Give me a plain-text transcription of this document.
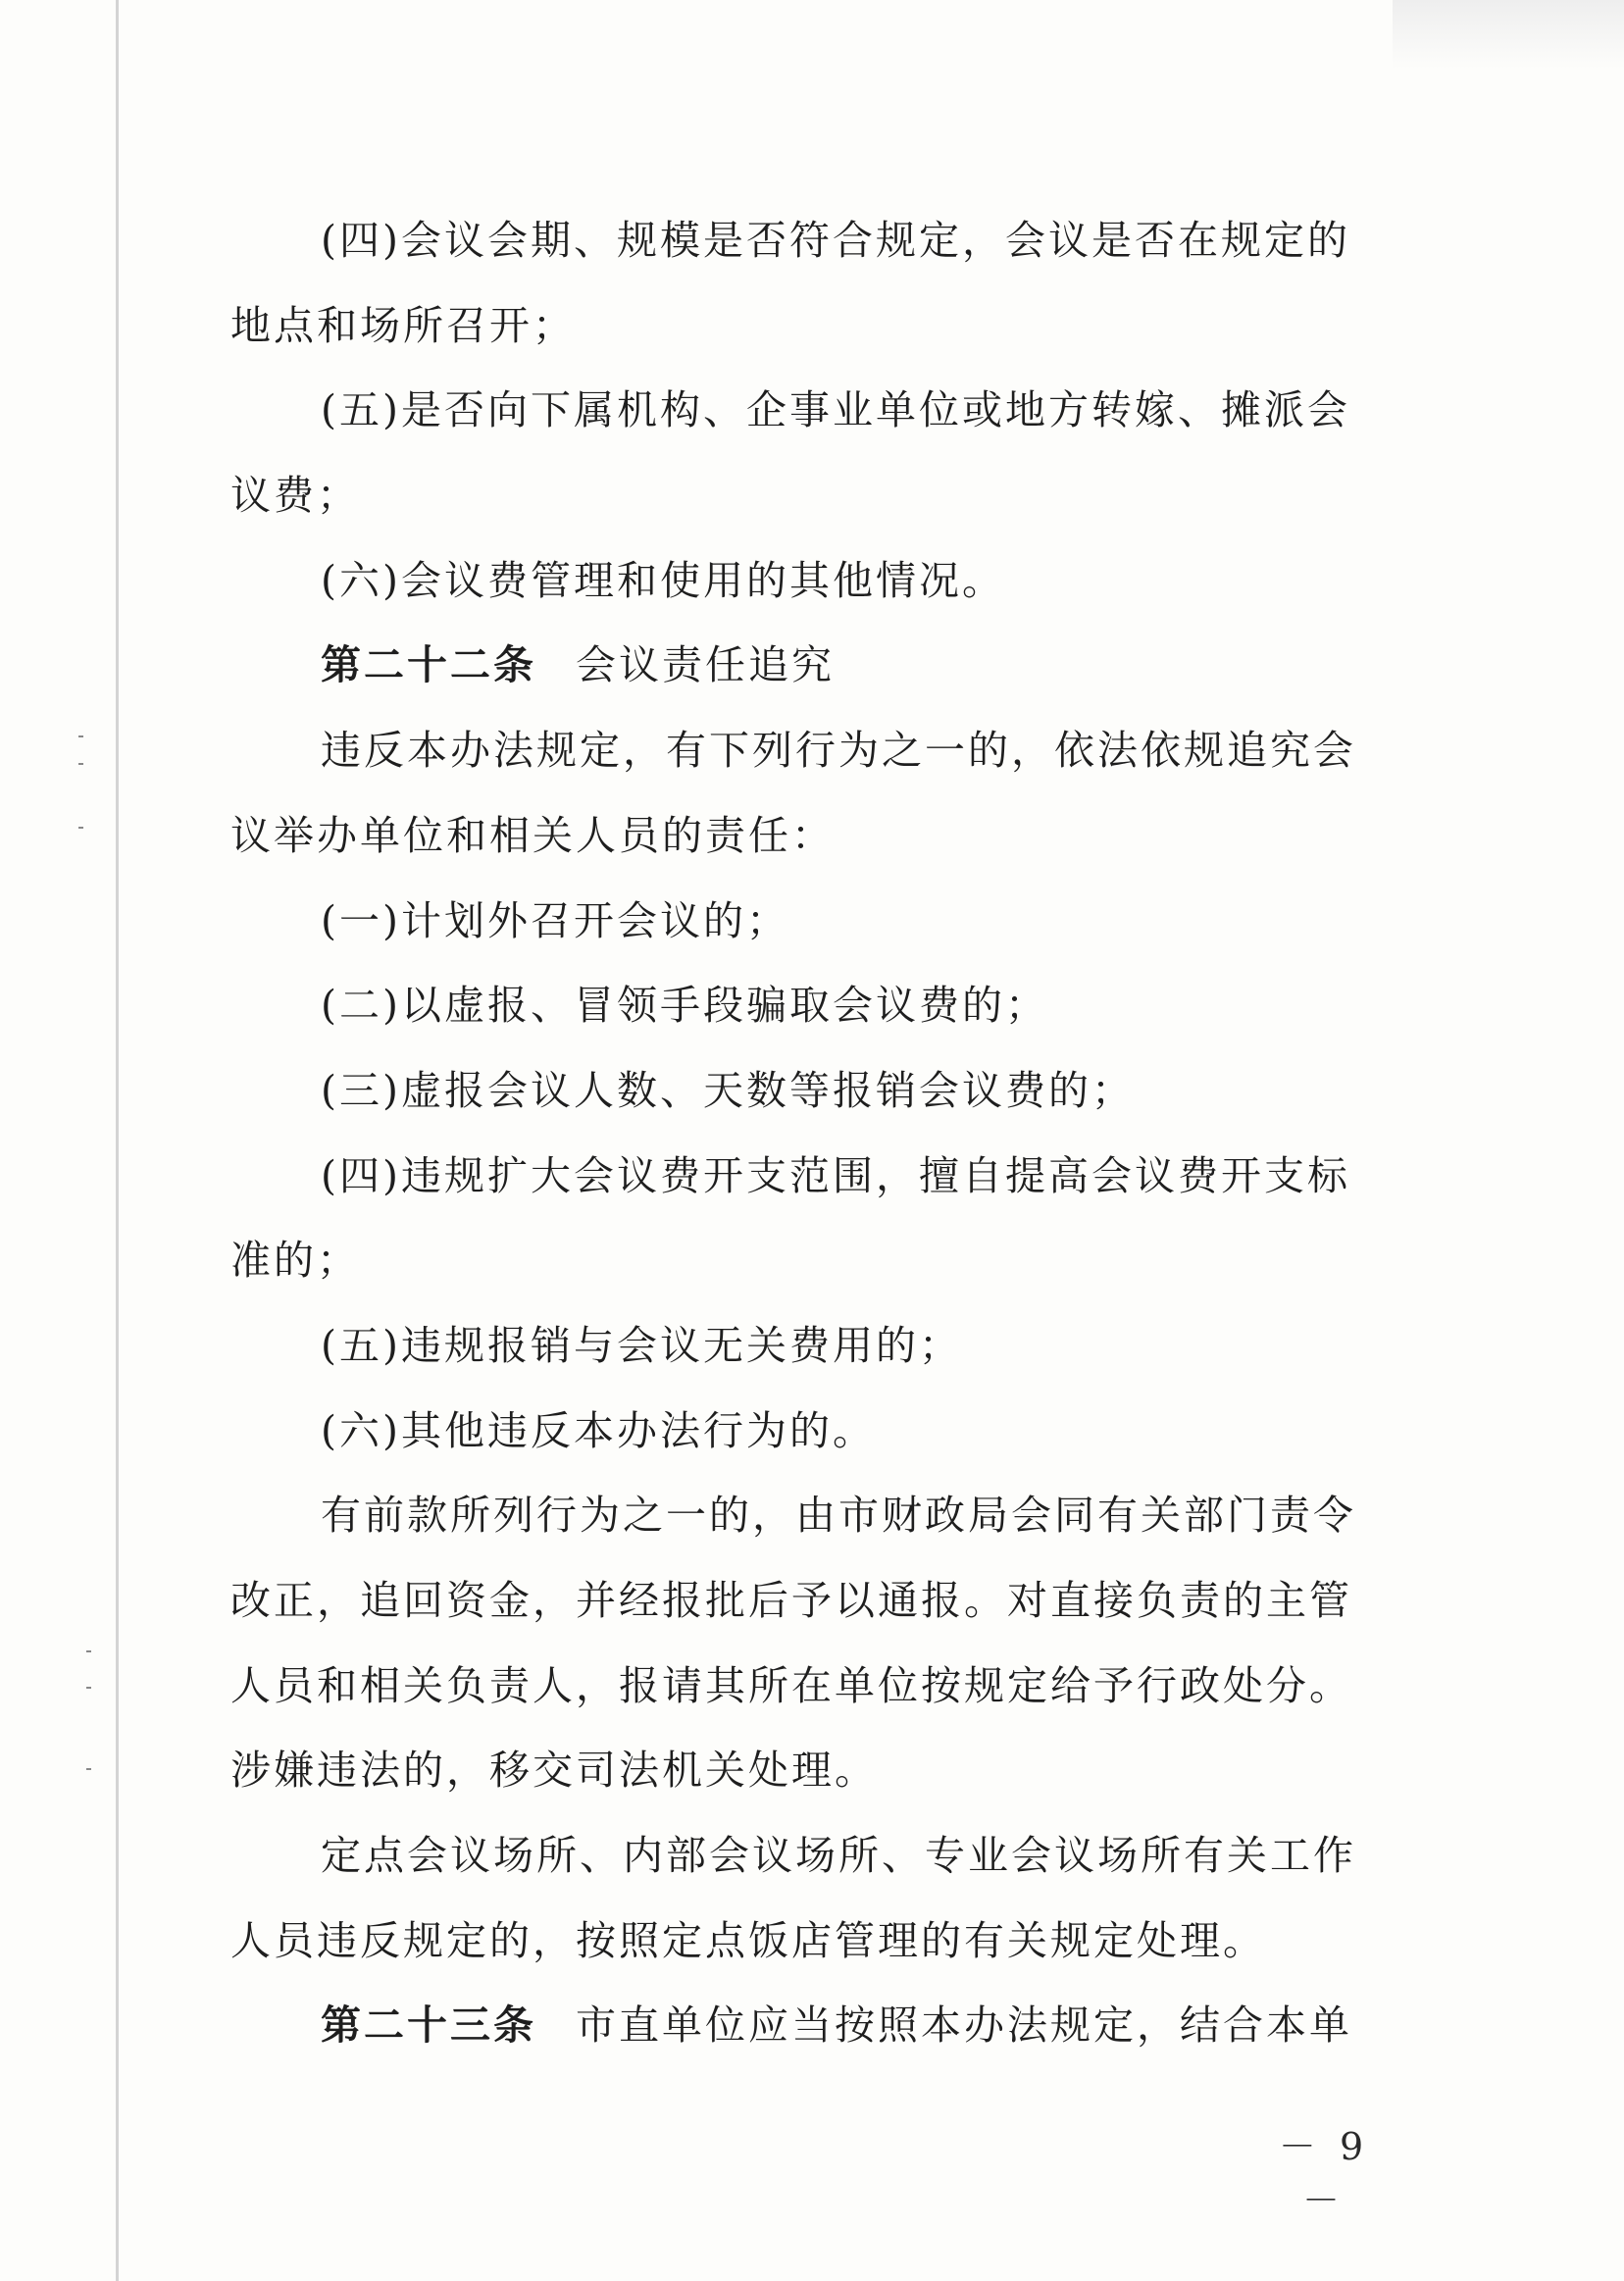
(四)会议会期、规模是否符合规定，会议是否在规定的
地点和场所召开；
(五)是否向下属机构、企事业单位或地方转嫁、摊派会
议费；
(六)会议费管理和使用的其他情况。
第二十二条 会议责任追究
违反本办法规定，有下列行为之一的，依法依规追究会
议举办单位和相关人员的责任：
(一)计划外召开会议的；
(二)以虚报、冒领手段骗取会议费的；
(三)虚报会议人数、天数等报销会议费的；
(四)违规扩大会议费开支范围，擅自提高会议费开支标
准的；
(五)违规报销与会议无关费用的；
(六)其他违反本办法行为的。
有前款所列行为之一的，由市财政局会同有关部门责令
改正，追回资金，并经报批后予以通报。对直接负责的主管
人员和相关负责人，报请其所在单位按规定给予行政处分。
涉嫌违法的，移交司法机关处理。
定点会议场所、内部会议场所、专业会议场所有关工作
人员违反规定的，按照定点饭店管理的有关规定处理。
第二十三条 市直单位应当按照本办法规定，结合本单
－ 9 －
